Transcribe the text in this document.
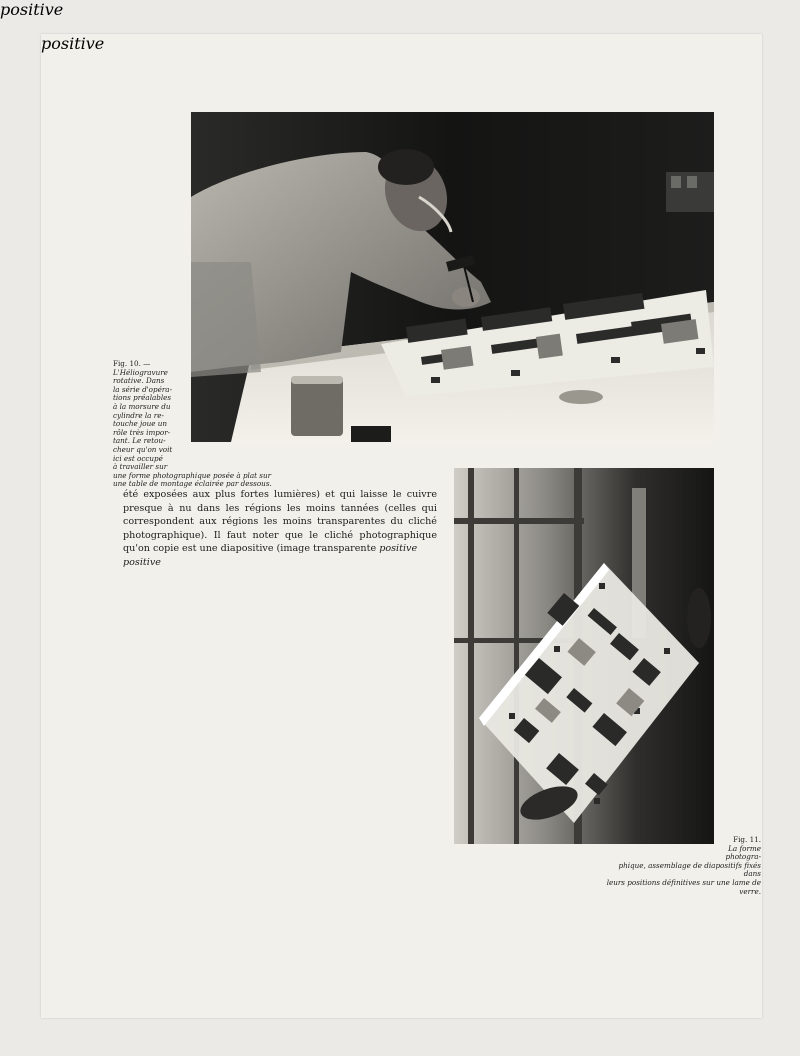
Fig. 10. —
L'Héliogravure
rotative. Dans
la série d'opéra-
tions préalables
à la morsure du
cylindre la re-
touche joue un
rôle très impor-
tant. Le retou-
cheur qu'on voit
ici est occupé
à travailler sur
une forme photographique posée à plat sur
une table de montage éclairée par dessous.
Fig. 11.
La forme
photogra-
phique, assemblage de diapositifs fixés dans
leurs positions définitives sur une lame de verre.

été exposées aux plus fortes lumières) et qui laisse le cuivre presque à nu dans les régions les moins tannées (celles qui correspondent aux régions les moins transparentes du cliché photographique). Il faut noter que le cliché photographique qu'on copie est une diapositive (image transparente positive

positive
positive
positive
